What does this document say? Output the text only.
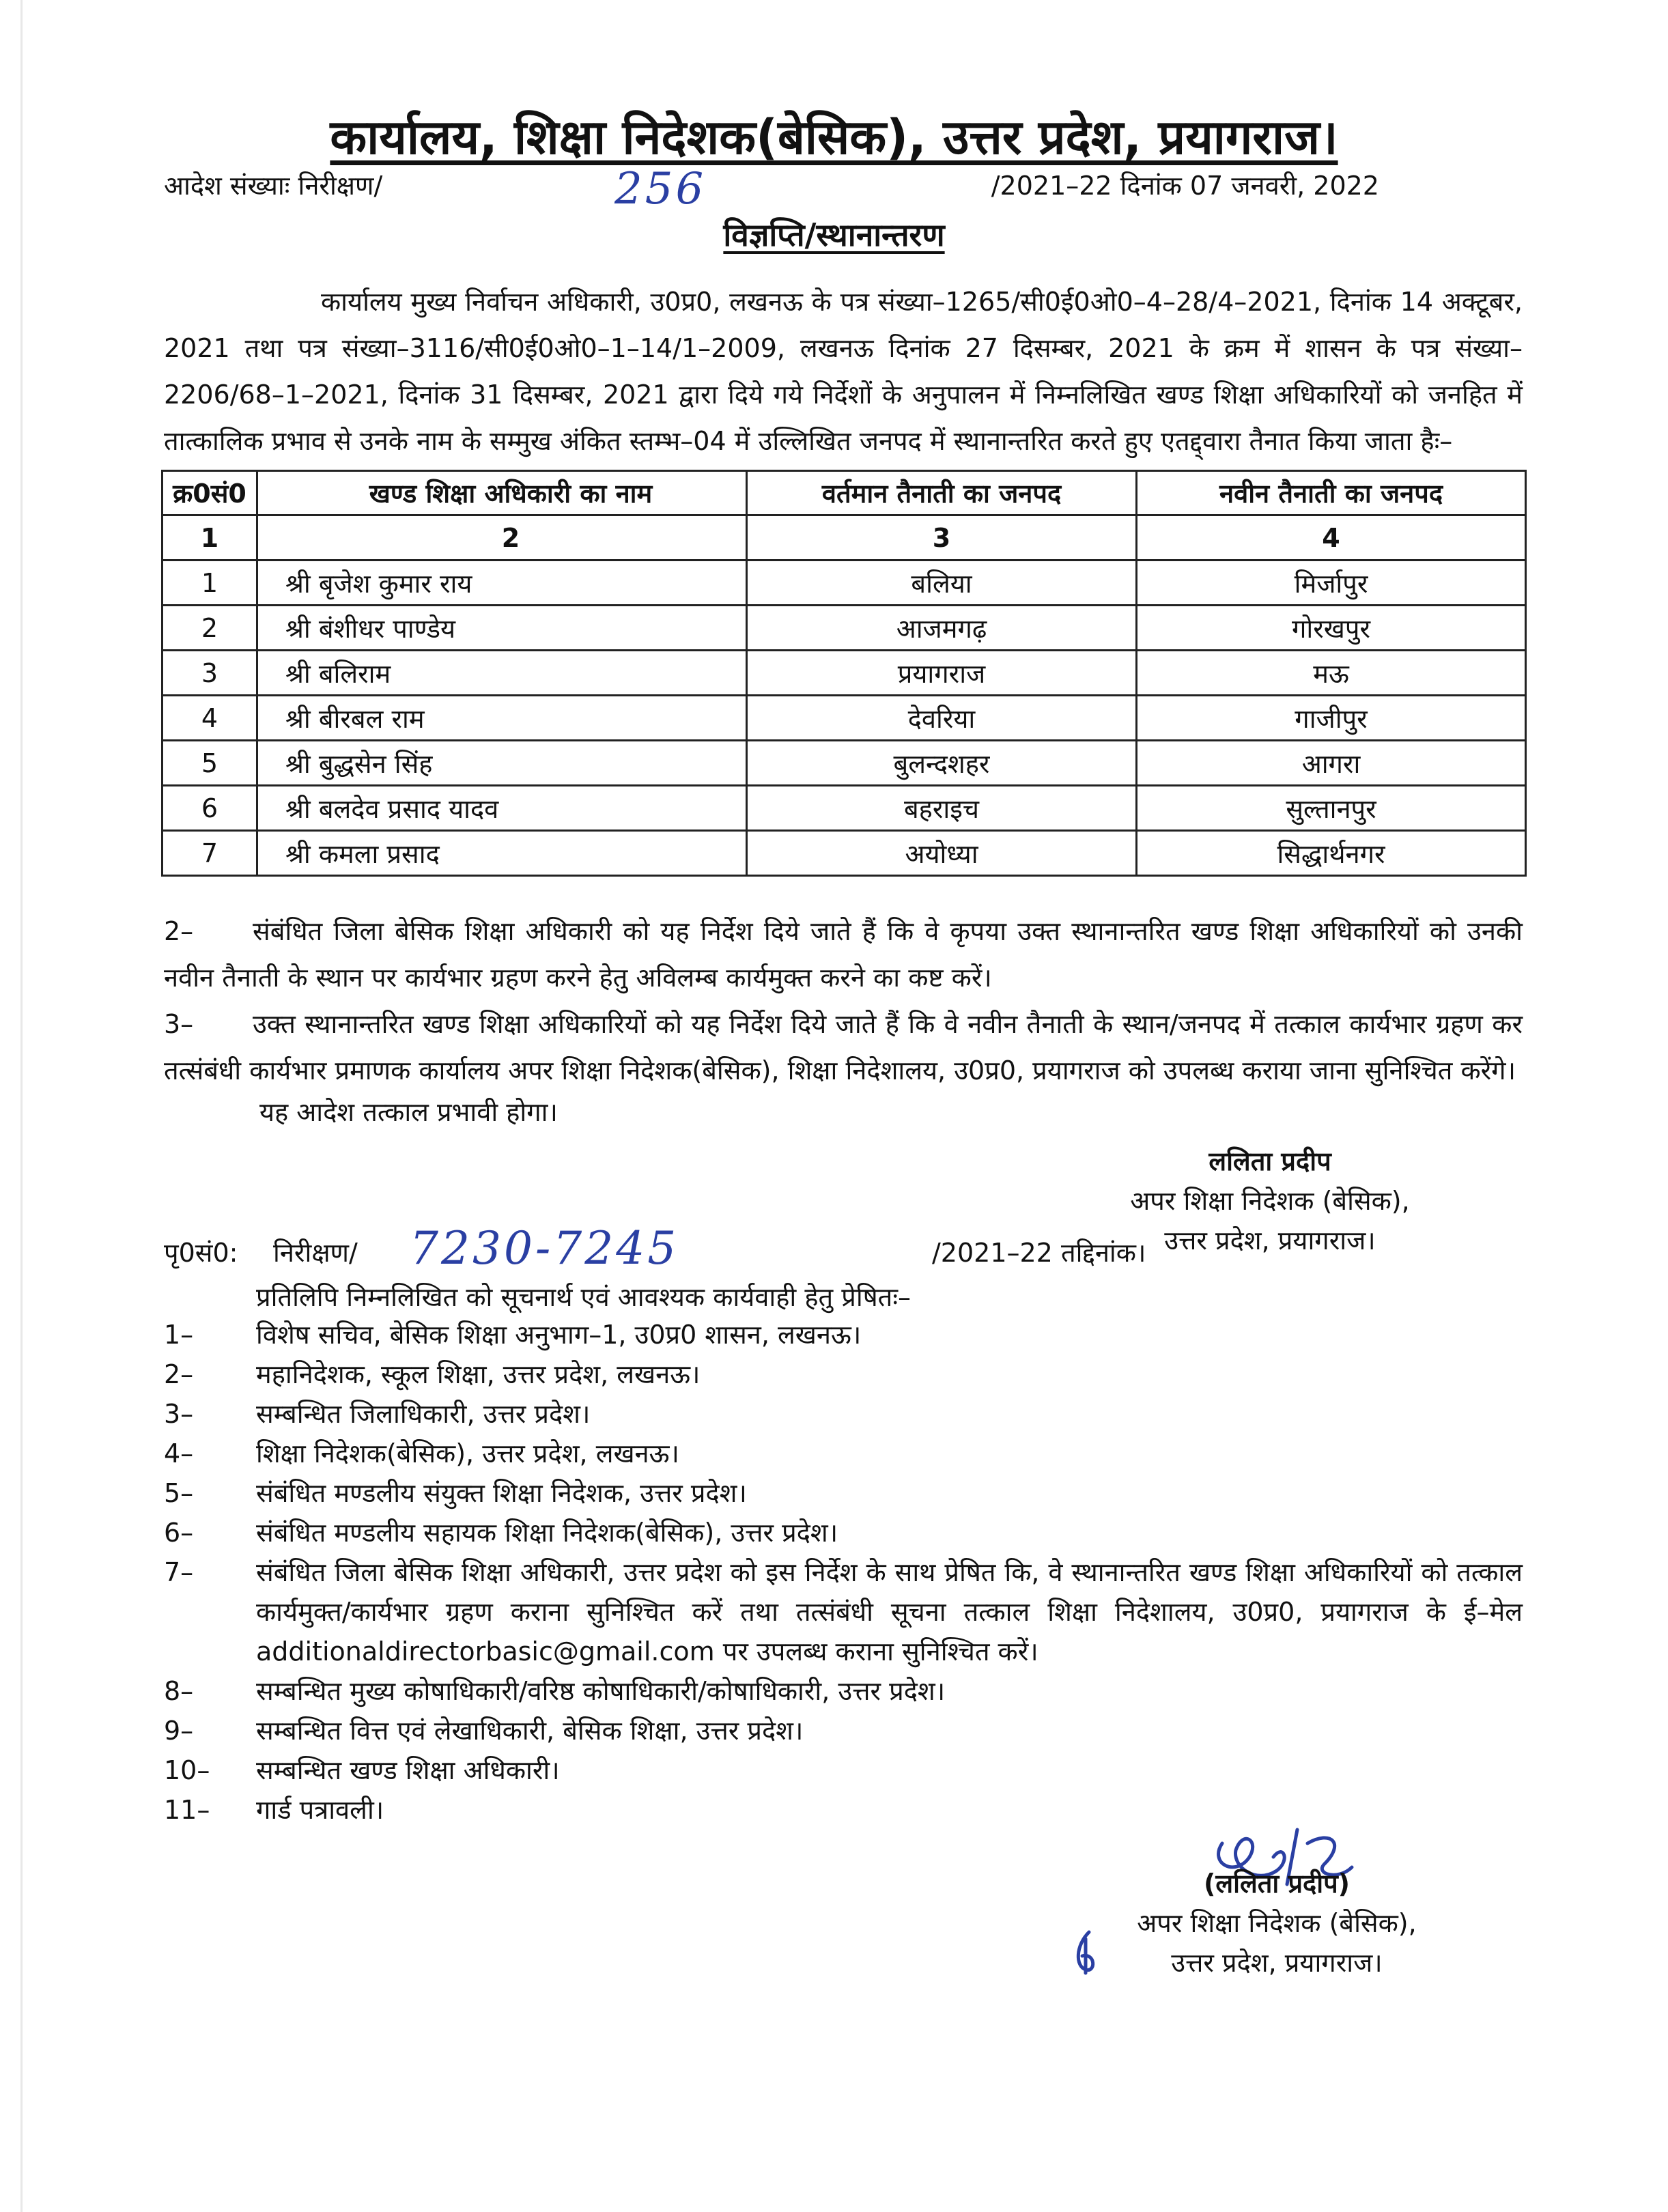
कार्यालय, शिक्षा निदेशक(बेसिक), उत्तर प्रदेश, प्रयागराज।
आदेश संख्याः निरीक्षण/	/2021–22 दिनांक 07 जनवरी, 2022
256
विज्ञप्ति/स्थानान्तरण
कार्यालय मुख्य निर्वाचन अधिकारी, उ0प्र0, लखनऊ के पत्र संख्या–1265/सी0ई0ओ0–4–28/4–2021, दिनांक 14 अक्टूबर, 2021 तथा पत्र संख्या–3116/सी0ई0ओ0–1–14/1–2009, लखनऊ दिनांक 27 दिसम्बर, 2021 के क्रम में शासन के पत्र संख्या–2206/68–1–2021, दिनांक 31 दिसम्बर, 2021 द्वारा दिये गये निर्देशों के अनुपालन में निम्नलिखित खण्ड शिक्षा अधिकारियों को जनहित में तात्कालिक प्रभाव से उनके नाम के सम्मुख अंकित स्तम्भ–04 में उल्लिखित जनपद में स्थानान्तरित करते हुए एतद्द्वारा तैनात किया जाता हैः–
क्र0सं0	खण्ड शिक्षा अधिकारी का नाम	वर्तमान तैनाती का जनपद	नवीन तैनाती का जनपद
1	2	3	4
1	श्री बृजेश कुमार राय	बलिया	मिर्जापुर
2	श्री बंशीधर पाण्डेय	आजमगढ़	गोरखपुर
3	श्री बलिराम	प्रयागराज	मऊ
4	श्री बीरबल राम	देवरिया	गाजीपुर
5	श्री बुद्धसेन सिंह	बुलन्दशहर	आगरा
6	श्री बलदेव प्रसाद यादव	बहराइच	सुल्तानपुर
7	श्री कमला प्रसाद	अयोध्या	सिद्धार्थनगर
2– संबंधित जिला बेसिक शिक्षा अधिकारी को यह निर्देश दिये जाते हैं कि वे कृपया उक्त स्थानान्तरित खण्ड शिक्षा अधिकारियों को उनकी नवीन तैनाती के स्थान पर कार्यभार ग्रहण करने हेतु अविलम्ब कार्यमुक्त करने का कष्ट करें।
3– उक्त स्थानान्तरित खण्ड शिक्षा अधिकारियों को यह निर्देश दिये जाते हैं कि वे नवीन तैनाती के स्थान/जनपद में तत्काल कार्यभार ग्रहण कर तत्संबंधी कार्यभार प्रमाणक कार्यालय अपर शिक्षा निदेशक(बेसिक), शिक्षा निदेशालय, उ0प्र0, प्रयागराज को उपलब्ध कराया जाना सुनिश्चित करेंगे।
यह आदेश तत्काल प्रभावी होगा।
ललिता प्रदीप
अपर शिक्षा निदेशक (बेसिक),
उत्तर प्रदेश, प्रयागराज।
पृ0सं0: निरीक्षण/	/2021–22 तद्दिनांक।
7230-7245
प्रतिलिपि निम्नलिखित को सूचनार्थ एवं आवश्यक कार्यवाही हेतु प्रेषितः–
1–	विशेष सचिव, बेसिक शिक्षा अनुभाग–1, उ0प्र0 शासन, लखनऊ।
2–	महानिदेशक, स्कूल शिक्षा, उत्तर प्रदेश, लखनऊ।
3–	सम्बन्धित जिलाधिकारी, उत्तर प्रदेश।
4–	शिक्षा निदेशक(बेसिक), उत्तर प्रदेश, लखनऊ।
5–	संबंधित मण्डलीय संयुक्त शिक्षा निदेशक, उत्तर प्रदेश।
6–	संबंधित मण्डलीय सहायक शिक्षा निदेशक(बेसिक), उत्तर प्रदेश।
7–	संबंधित जिला बेसिक शिक्षा अधिकारी, उत्तर प्रदेश को इस निर्देश के साथ प्रेषित कि, वे स्थानान्तरित खण्ड शिक्षा अधिकारियों को तत्काल कार्यमुक्त/कार्यभार ग्रहण कराना सुनिश्चित करें तथा तत्संबंधी सूचना तत्काल शिक्षा निदेशालय, उ0प्र0, प्रयागराज के ई–मेल additionaldirectorbasic@gmail.com पर उपलब्ध कराना सुनिश्चित करें।
8–	सम्बन्धित मुख्य कोषाधिकारी/वरिष्ठ कोषाधिकारी/कोषाधिकारी, उत्तर प्रदेश।
9–	सम्बन्धित वित्त एवं लेखाधिकारी, बेसिक शिक्षा, उत्तर प्रदेश।
10–	सम्बन्धित खण्ड शिक्षा अधिकारी।
11–	गार्ड पत्रावली।
(ललिता प्रदीप)
अपर शिक्षा निदेशक (बेसिक),
उत्तर प्रदेश, प्रयागराज।
